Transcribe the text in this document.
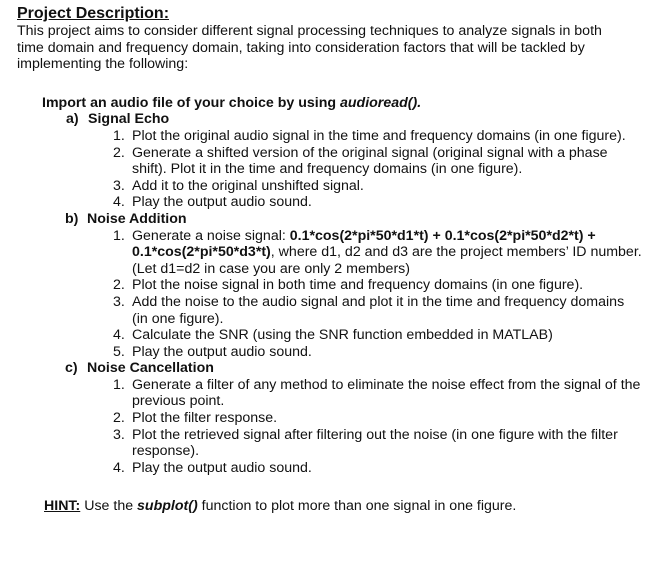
Project Description:

This project aims to consider different signal processing techniques to analyze signals in both time domain and frequency domain, taking into consideration factors that will be tackled by implementing the following:

Import an audio file of your choice by using audioread().

a) Signal Echo
1. Plot the original audio signal in the time and frequency domains (in one figure).
2. Generate a shifted version of the original signal (original signal with a phase shift). Plot it in the time and frequency domains (in one figure).
3. Add it to the original unshifted signal.
4. Play the output audio sound.
b) Noise Addition
1. Generate a noise signal: 0.1*cos(2*pi*50*d1*t) + 0.1*cos(2*pi*50*d2*t) + 0.1*cos(2*pi*50*d3*t), where d1, d2 and d3 are the project members’ ID number. (Let d1=d2 in case you are only 2 members)
2. Plot the noise signal in both time and frequency domains (in one figure).
3. Add the noise to the audio signal and plot it in the time and frequency domains (in one figure).
4. Calculate the SNR (using the SNR function embedded in MATLAB)
5. Play the output audio sound.
c) Noise Cancellation
1. Generate a filter of any method to eliminate the noise effect from the signal of the previous point.
2. Plot the filter response.
3. Plot the retrieved signal after filtering out the noise (in one figure with the filter response).
4. Play the output audio sound.

HINT: Use the subplot() function to plot more than one signal in one figure.
